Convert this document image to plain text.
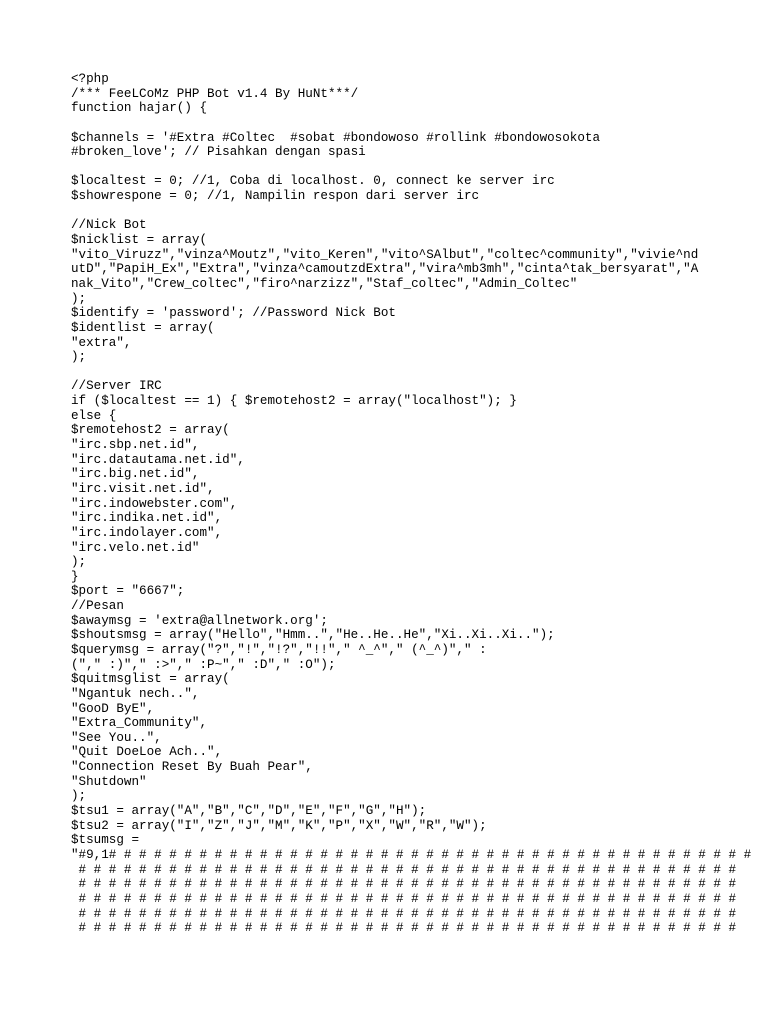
<?php
/*** FeeLCoMz PHP Bot v1.4 By HuNt***/
function hajar() {
$channels = '#Extra #Coltec  #sobat #bondowoso #rollink #bondowosokota
#broken_love'; // Pisahkan dengan spasi
$localtest = 0; //1, Coba di localhost. 0, connect ke server irc
$showrespone = 0; //1, Nampilin respon dari server irc
//Nick Bot
$nicklist = array(
"vito_Viruzz","vinza^Moutz","vito_Keren","vito^SAlbut","coltec^community","vivie^nd
utD","PapiH_Ex","Extra","vinza^camoutzdExtra","vira^mb3mh","cinta^tak_bersyarat","A
nak_Vito","Crew_coltec","firo^narzizz","Staf_coltec","Admin_Coltec"
);
$identify = 'password'; //Password Nick Bot
$identlist = array(
"extra",
);
//Server IRC
if ($localtest == 1) { $remotehost2 = array("localhost"); }
else {
$remotehost2 = array(
"irc.sbp.net.id",
"irc.datautama.net.id",
"irc.big.net.id",
"irc.visit.net.id",
"irc.indowebster.com",
"irc.indika.net.id",
"irc.indolayer.com",
"irc.velo.net.id"
);
}
$port = "6667";
//Pesan
$awaymsg = 'extra@allnetwork.org';
$shoutsmsg = array("Hello","Hmm..","He..He..He","Xi..Xi..Xi..");
$querymsg = array("?","!","!?","!!"," ^_^"," (^_^)"," :
("," :)"," :>"," :P~"," :D"," :O");
$quitmsglist = array(
"Ngantuk nech..",
"GooD ByE",
"Extra_Community",
"See You..",
"Quit DoeLoe Ach..",
"Connection Reset By Buah Pear",
"Shutdown"
);
$tsu1 = array("A","B","C","D","E","F","G","H");
$tsu2 = array("I","Z","J","M","K","P","X","W","R","W");
$tsumsg =
"#9,1# # # # # # # # # # # # # # # # # # # # # # # # # # # # # # # # # # # # # # # # # # #
# # # # # # # # # # # # # # # # # # # # # # # # # # # # # # # # # # # # # # # # # # # #
# # # # # # # # # # # # # # # # # # # # # # # # # # # # # # # # # # # # # # # # # # # #
# # # # # # # # # # # # # # # # # # # # # # # # # # # # # # # # # # # # # # # # # # # #
# # # # # # # # # # # # # # # # # # # # # # # # # # # # # # # # # # # # # # # # # # # #
# # # # # # # # # # # # # # # # # # # # # # # # # # # # # # # # # # # # # # # # # # # #
